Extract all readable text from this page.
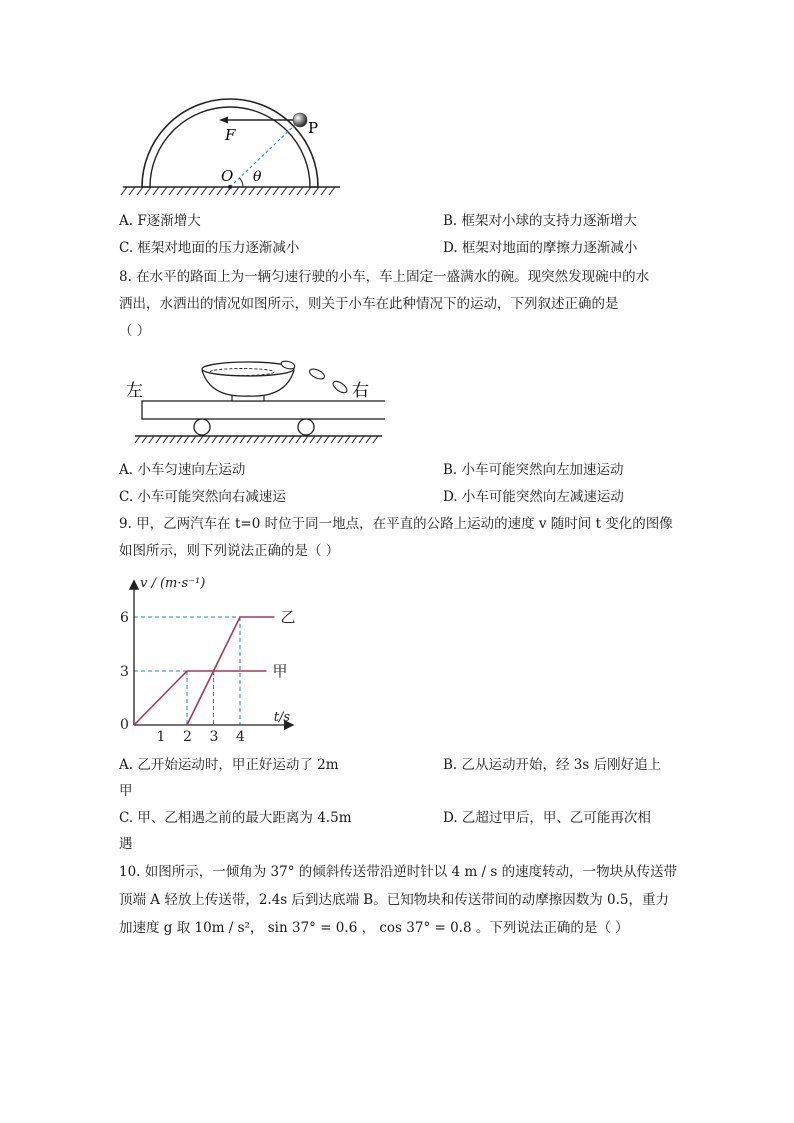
F	P
O θ
A. F逐渐增大	B. 框架对小球的支持力逐渐增大
C. 框架对地面的压力逐渐减小	D. 框架对地面的摩擦力逐渐减小
8. 在水平的路面上为一辆匀速行驶的小车，车上固定一盛满水的碗。现突然发现碗中的水
洒出，水洒出的情况如图所示，则关于小车在此种情况下的运动，下列叙述正确的是
（ ）
左	右
A. 小车匀速向左运动	B. 小车可能突然向左加速运动
C. 小车可能突然向右减速运	D. 小车可能突然向左减速运动
9. 甲，乙两汽车在 t=0 时位于同一地点，在平直的公路上运动的速度 v 随时间 t 变化的图像
如图所示，则下列说法正确的是（ ）
甲
乙
1 2 3 4
3
6
0
v / (m·s⁻¹)
t/s
A. 乙开始运动时，甲正好运动了 2m	B. 乙从运动开始，经 3s 后刚好追上
甲
C. 甲、乙相遇之前的最大距离为 4.5m	D. 乙超过甲后，甲、乙可能再次相
遇
10. 如图所示，一倾角为 37° 的倾斜传送带沿逆时针以 4 m / s 的速度转动，一物块从传送带
顶端 A 轻放上传送带，2.4s 后到达底端 B。已知物块和传送带间的动摩擦因数为 0.5，重力
加速度 g 取 10m / s²， sin 37° = 0.6 ， cos 37° = 0.8 。下列说法正确的是（ ）
